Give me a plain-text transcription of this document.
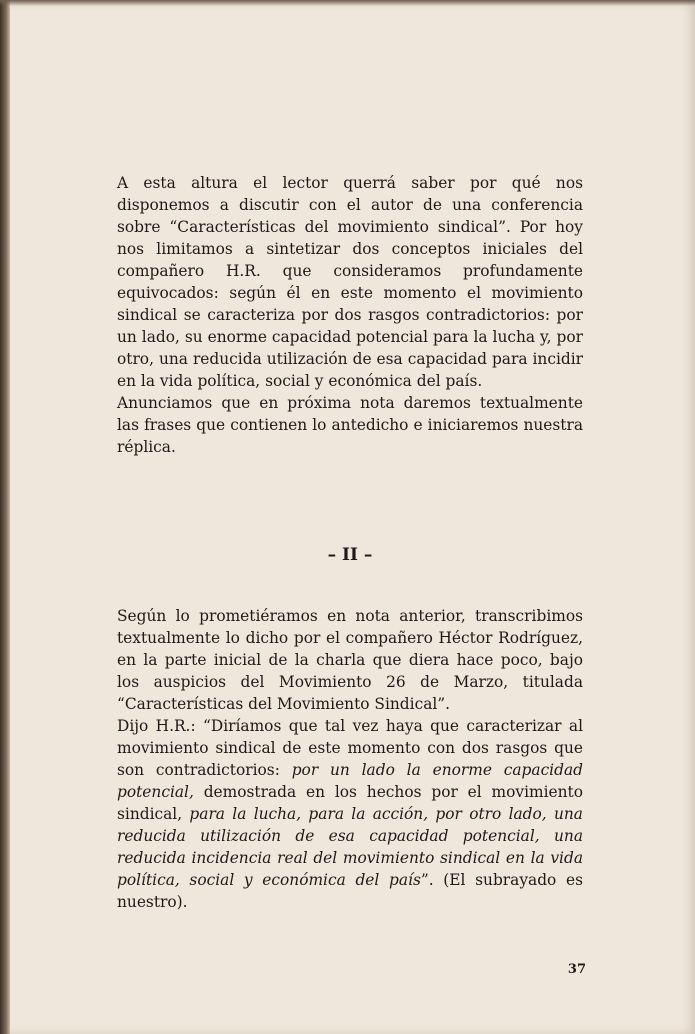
A esta altura el lector querrá saber por qué nos disponemos a discutir con el autor de una conferencia sobre “Características del movimiento sindical”. Por hoy nos limitamos a sintetizar dos conceptos iniciales del compañero H.R. que consideramos profundamente equivocados: según él en este momento el movimiento sindical se caracteriza por dos rasgos contradictorios: por un lado, su enorme capacidad potencial para la lucha y, por otro, una reducida utilización de esa capacidad para incidir en la vida política, social y económica del país.

Anunciamos que en próxima nota daremos textualmente las frases que contienen lo antedicho e iniciaremos nuestra réplica.

– II –

Según lo prometiéramos en nota anterior, transcribimos textualmente lo dicho por el compañero Héctor Rodríguez, en la parte inicial de la charla que diera hace poco, bajo los auspicios del Movimiento 26 de Marzo, titulada “Características del Movimiento Sindical”.

Dijo H.R.: “Diríamos que tal vez haya que caracterizar al movimiento sindical de este momento con dos rasgos que son contradictorios: por un lado la enorme capacidad potencial, demostrada en los hechos por el movimiento sindical, para la lucha, para la acción, por otro lado, una reducida utilización de esa capacidad potencial, una reducida incidencia real del movimiento sindical en la vida política, social y económica del país”. (El subrayado es nuestro).

37
